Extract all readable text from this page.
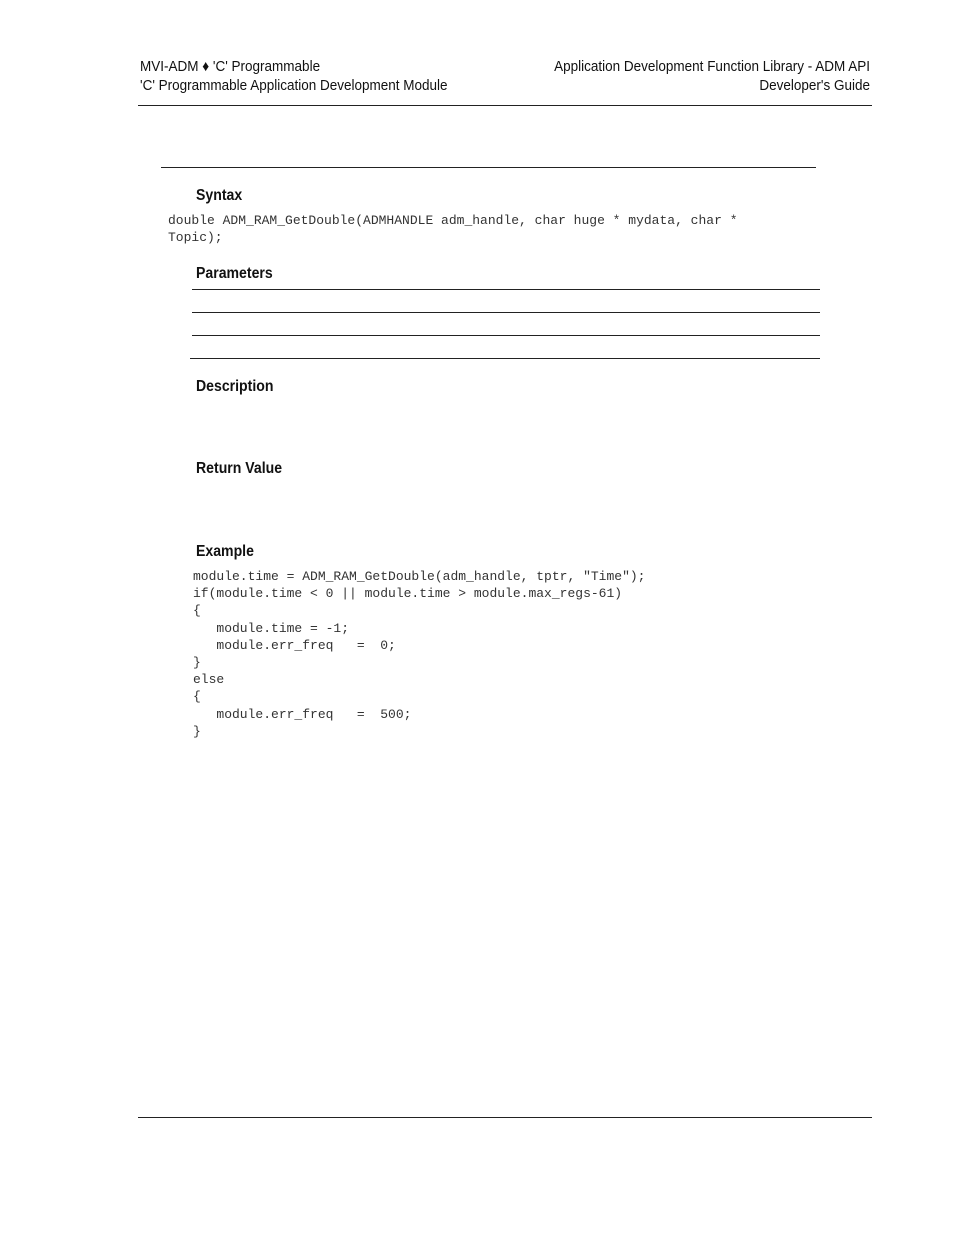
MVI-ADM ♦ 'C' Programmable
'C' Programmable Application Development Module
Application Development Function Library - ADM API
Developer's Guide
Syntax
double ADM_RAM_GetDouble(ADMHANDLE adm_handle, char huge * mydata, char *
Topic);
Parameters
Description
Return Value
Example
module.time = ADM_RAM_GetDouble(adm_handle, tptr, "Time");
if(module.time < 0 || module.time > module.max_regs-61)
{
module.time = -1;
module.err_freq   =  0;
}
else
{
module.err_freq   =  500;
}
